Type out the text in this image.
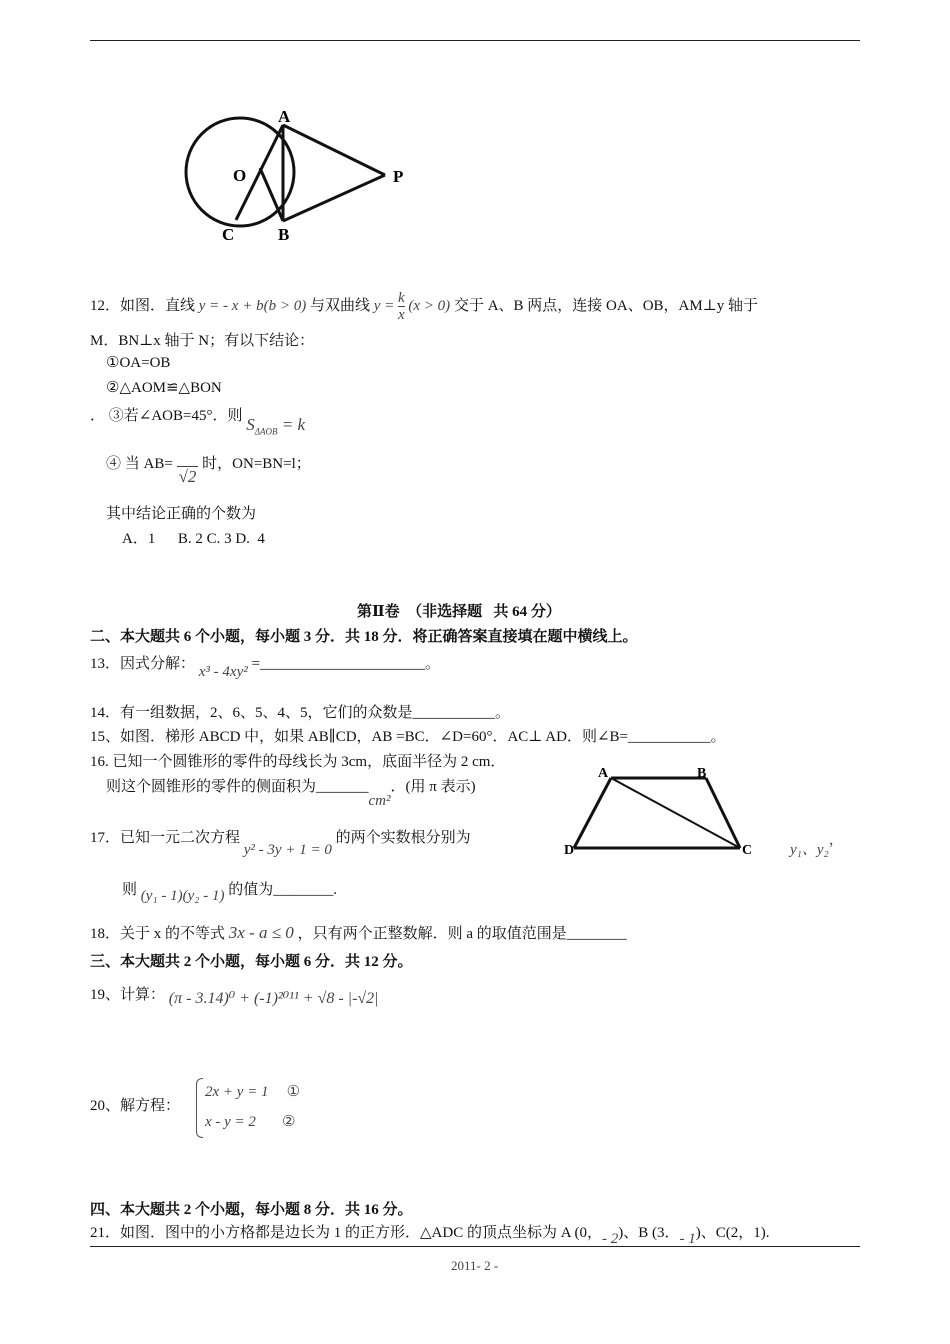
A
O	P
C	B
12．如图．直线 y = - x + b(b > 0) 与双曲线 $y = \frac{k}{x} (x > 0)$ 交于 A、B 两点，连接 OA、OB，AM⊥y 轴于
M．BN⊥x 轴于 N；有以下结论：
①OA=OB
②△AOM≌△BON
． ③若∠AOB=45°．则 $S_{\Delta AOB} = k$
④ 当 AB= √2 时，ON=BN=l；
其中结论正确的个数为
A．1      B. 2 C. 3 D.  4
第Ⅱ卷  （非选择题   共 64 分）
二、本大题共 6 个小题，每小题 3 分．共 18 分．将正确答案直接填在题中横线上。
13．因式分解： x³ - 4xy² =______________________。
14．有一组数据，2、6、5、4、5，它们的众数是___________。
15、如图．梯形 ABCD 中，如果 AB∥CD，AB =BC．∠D=60°．AC⊥ AD．则∠B=___________。
16. 已知一个圆锥形的零件的母线长为 3cm，底面半径为 2 cm．
则这个圆锥形的零件的侧面积为_______cm²．(用 π 表示)
A	B
C
D
17．已知一元二次方程 y² - 3y + 1 = 0 的两个实数根分别为
y₁、y₂，
则 (y₁ - 1)(y₂ - 1) 的值为________.
18．关于 x 的不等式 3x - a ≤ 0 ，只有两个正整数解．则 a 的取值范围是________
三、本大题共 2 个小题，每小题 6 分．共 12 分。
19、计算： (π - 3.14)⁰ + (-1)²⁰¹¹ + √8 - |-√2|
20、解方程：
2x + y = 1 ①
x - y = 2 ②
四、本大题共 2 个小题，每小题 8 分．共 16 分。
21．如图．图中的小方格都是边长为 1 的正方形．△ADC 的顶点坐标为 A (0，- 2)、B (3．- 1)、C(2，1).
2011- 2 -
